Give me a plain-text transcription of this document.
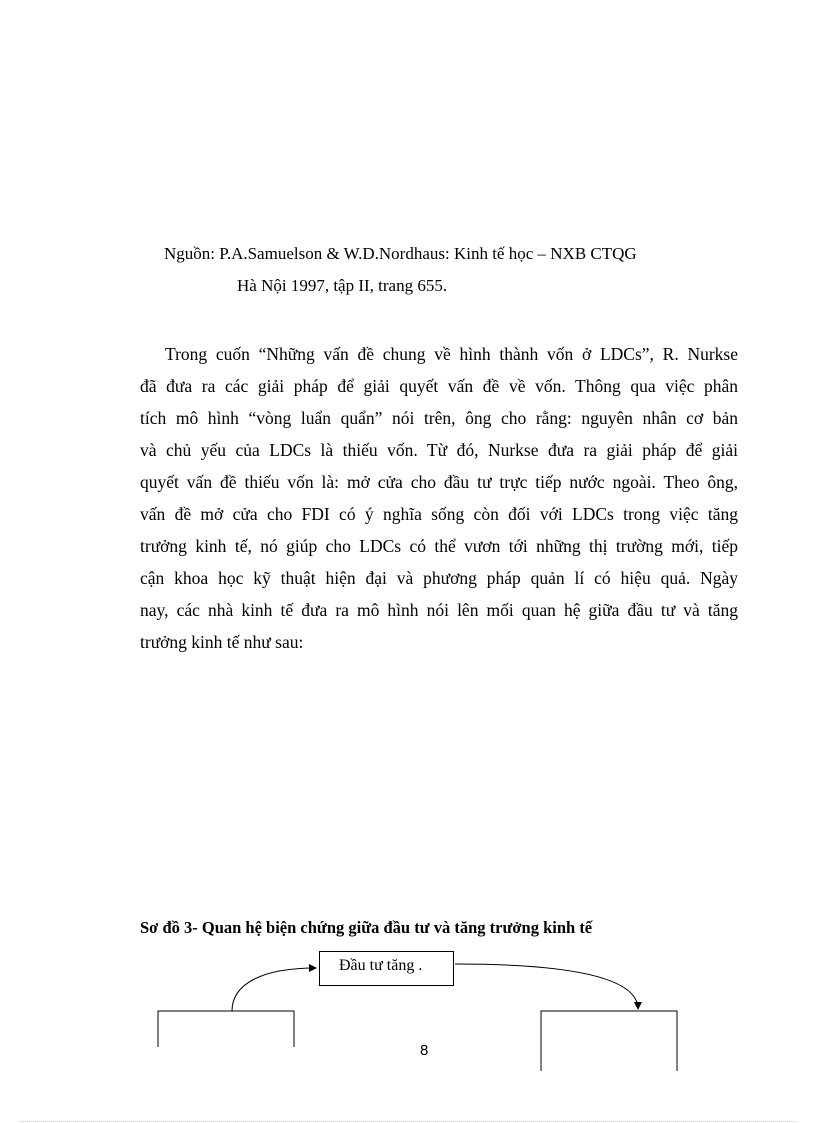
Nguồn: P.A.Samuelson & W.D.Nordhaus: Kinh tế học – NXB CTQG
Hà Nội 1997, tập II, trang 655.
Trong cuốn “Những vấn đề chung về hình thành vốn ở LDCs”, R. Nurkse
đã đưa ra các giải pháp để giải quyết vấn đề về vốn. Thông qua việc phân
tích mô hình “vòng luẩn quẩn” nói trên, ông cho rằng: nguyên nhân cơ bản
và chủ yếu của LDCs là thiếu vốn. Từ đó, Nurkse đưa ra giải pháp để giải
quyết vấn đề thiếu vốn là: mở cửa cho đầu tư trực tiếp nước ngoài. Theo ông,
vấn đề mở cửa cho FDI có ý nghĩa sống còn đối với LDCs trong việc tăng
trưởng kinh tế, nó giúp cho LDCs có thể vươn tới những thị trường mới, tiếp
cận khoa học kỹ thuật hiện đại và phương pháp quản lí có hiệu quả. Ngày
nay, các nhà kinh tế đưa ra mô hình nói lên mối quan hệ giữa đầu tư và tăng
trưởng kinh tế như sau:
Sơ đồ 3- Quan hệ biện chứng giữa đầu tư và tăng trưởng kinh tế
Đầu tư tăng .
8
